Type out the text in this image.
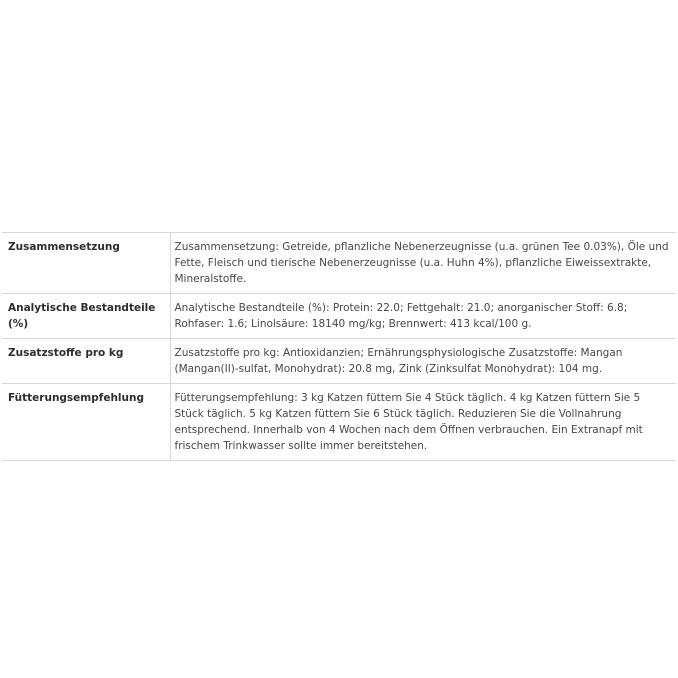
Zusammensetzung	Zusammensetzung: Getreide, pflanzliche Nebenerzeugnisse (u.a. grünen Tee 0.03%), Öle und Fette, Fleisch und tierische Nebenerzeugnisse (u.a. Huhn 4%), pflanzliche Eiweissextrakte, Mineralstoffe.
Analytische Bestandteile (%)	Analytische Bestandteile (%): Protein: 22.0; Fettgehalt: 21.0; anorganischer Stoff: 6.8; Rohfaser: 1.6; Linolsäure: 18140 mg/kg; Brennwert: 413 kcal/100 g.
Zusatzstoffe pro kg	Zusatzstoffe pro kg: Antioxidanzien; Ernährungsphysiologische Zusatzstoffe: Mangan (Mangan(II)-sulfat, Monohydrat): 20.8 mg, Zink (Zinksulfat Monohydrat): 104 mg.
Fütterungsempfehlung	Fütterungsempfehlung: 3 kg Katzen füttern Sie 4 Stück täglich. 4 kg Katzen füttern Sie 5 Stück täglich. 5 kg Katzen füttern Sie 6 Stück täglich. Reduzieren Sie die Vollnahrung entsprechend. Innerhalb von 4 Wochen nach dem Öffnen verbrauchen. Ein Extranapf mit frischem Trinkwasser sollte immer bereitstehen.
